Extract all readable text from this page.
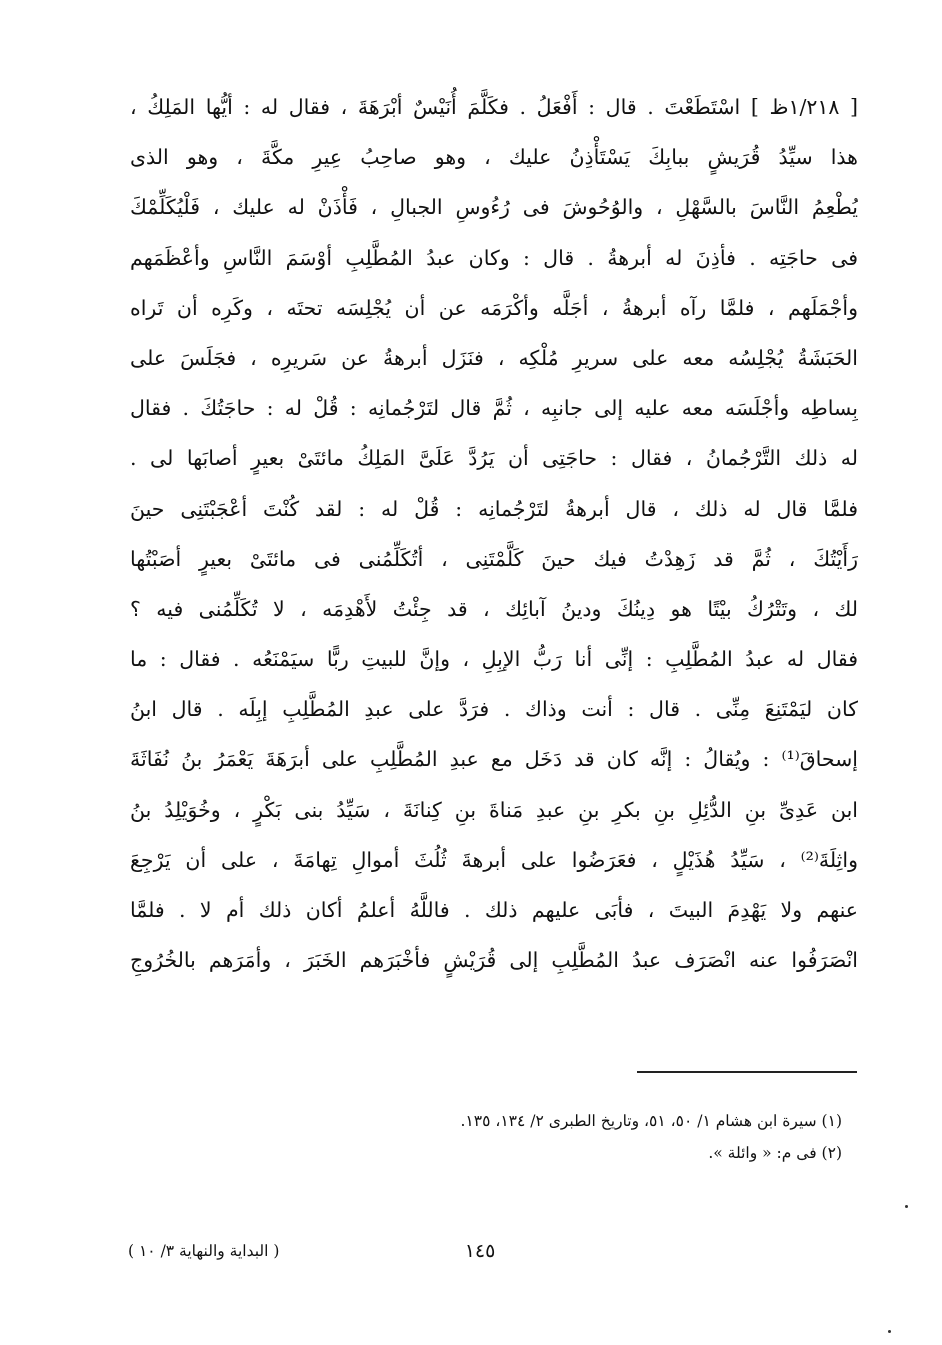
[ ١/٢١٨ظ ] اسْتَطَعْتَ . قال : أَفْعَلُ . فكَلَّمَ أُنَيْسٌ أبْرَهَةَ ، فقال له : أيُّها المَلِكُ ،
هذا سيِّدُ قُرَيشٍ ببابِكَ يَسْتَأْذِنُ عليك ، وهو صاحِبُ عِيرِ مكَّةَ ، وهو الذى
يُطْعِمُ النَّاسَ بالسَّهْلِ ، والوُحُوشَ فى رُءُوسِ الجبالِ ، فَأْذَنْ له عليك ، فَلْيُكَلِّمْكَ
فى حاجَتِه . فأذِنَ له أبرهةُ . قال : وكان عبدُ المُطَّلِبِ أوْسَمَ النَّاسِ وأعْظَمَهم
وأجْمَلَهم ، فلمَّا رآه أبرهةُ ، أجَلَّه وأكْرَمَه عن أن يُجْلِسَه تحتَه ، وكَرِه أن تَراه
الحَبَشَةُ يُجْلِسُه معه على سريرِ مُلْكِه ، فنَزَل أبرهةُ عن سَريرِه ، فجَلَسَ على
بِساطِه وأجْلَسَه معه عليه إلى جانبِه ، ثُمَّ قال لتَرْجُمانِه : قُلْ له : حاجَتُكَ . فقال
له ذلك التَّرْجُمانُ ، فقال : حاجَتِى أن يَرُدَّ عَلَىَّ المَلِكُ مائتَىْ بعيرٍ أصابَها لى .
فلمَّا قال له ذلك ، قال أبرهةُ لتَرْجُمانِه : قُلْ له : لقد كُنْتَ أعْجَبْتَنِى حينَ
رَأَيْتُكَ ، ثُمَّ قد زَهِدْتُ فيك حينَ كَلَّمْتَنِى ، أتُكَلِّمُنى فى مائتَىْ بعيرٍ أصَبْتُها
لك ، وتَتْرُكُ بيْتًا هو دِينُكَ ودينُ آبائِك ، قد جِئْتُ لأَهْدِمَه ، لا تُكَلِّمُنى فيه ؟
فقال له عبدُ المُطَّلِبِ : إنِّى أنا رَبُّ الإبِلِ ، وإنَّ للبيتِ ربًّا سيَمْنَعُه . فقال : ما
كان ليَمْتَنِعَ مِنِّى . قال : أنت وذاك . فرَدَّ على عبدِ المُطَّلِبِ إبِلَه . قال ابنُ
إسحاقَ⁽¹⁾ : ويُقالُ : إنَّه كان قد دَخَل مع عبدِ المُطَّلِبِ على أبرَهَةَ يَعْمَرُ بنُ نُفَاثَةَ
ابن عَدِىِّ بنِ الدُّئِلِ بنِ بكرِ بنِ عبدِ مَناةَ بنِ كِنانَةَ ، سَيِّدُ بنى بَكْرٍ ، وخُوَيْلِدُ بنُ
واثِلَةَ⁽²⁾ ، سَيِّدُ هُذَيْلٍ ، فعَرَضُوا على أبرهةَ ثُلُثَ أموالِ تِهامَةَ ، على أن يَرْجِعَ
عنهم ولا يَهْدِمَ البيتَ ، فأبَى عليهم ذلك . فاللَّهُ أعلمُ أكان ذلك أم لا . فلمَّا
انْصَرَفُوا عنه انْصَرَف عبدُ المُطَّلِبِ إلى قُرَيْشٍ فأخْبَرَهم الخَبَرَ ، وأمَرَهم بالخُرُوجِ
(١) سيرة ابن هشام ١/ ٥٠، ٥١، وتاريخ الطبرى ٢/ ١٣٤، ١٣٥.
(٢) فى م: « وائلة ».
( البداية والنهاية ٣/ ١٠ )	١٤٥
